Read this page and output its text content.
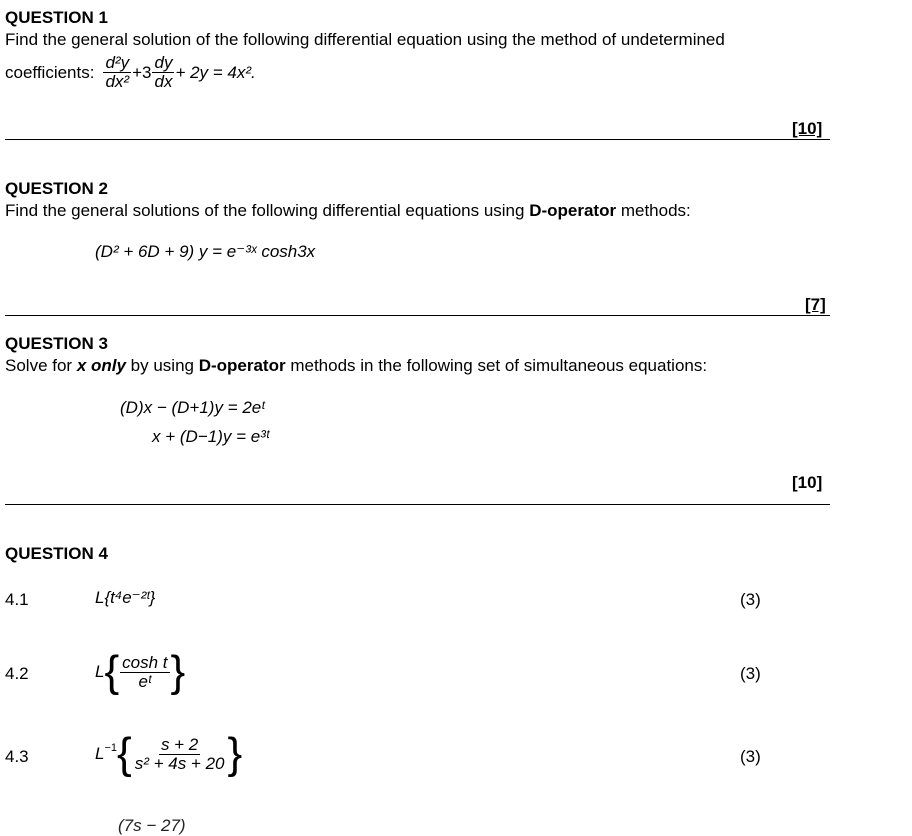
QUESTION 1
Find the general solution of the following differential equation using the method of undetermined
coefficients: $\frac{\text{d²y}}{\text{dx²}} +3 \frac{dy}{dx} + 2y = 4x^2$.
[10]
QUESTION 2
Find the general solutions of the following differential equations using D-operator methods:
(D² + 6D + 9) y = e⁻³ˣ cosh3x
[7]
QUESTION 3
Solve for x only by using D-operator methods in the following set of simultaneous equations:
(D)x − (D+1)y = 2eᵗ
x + (D−1)y = e³ᵗ
[10]
QUESTION 4
4.1	L{t⁴e⁻²ᵗ}	(3)
4.2	L { $\frac{\text{cosh t}}{\text{eᵗ}}$ }	(3)
4.3	$L^{-1}$ { $\frac{s + 2}{\text{s² + 4s + 20}}$ }	(3)
(7s − 27)
